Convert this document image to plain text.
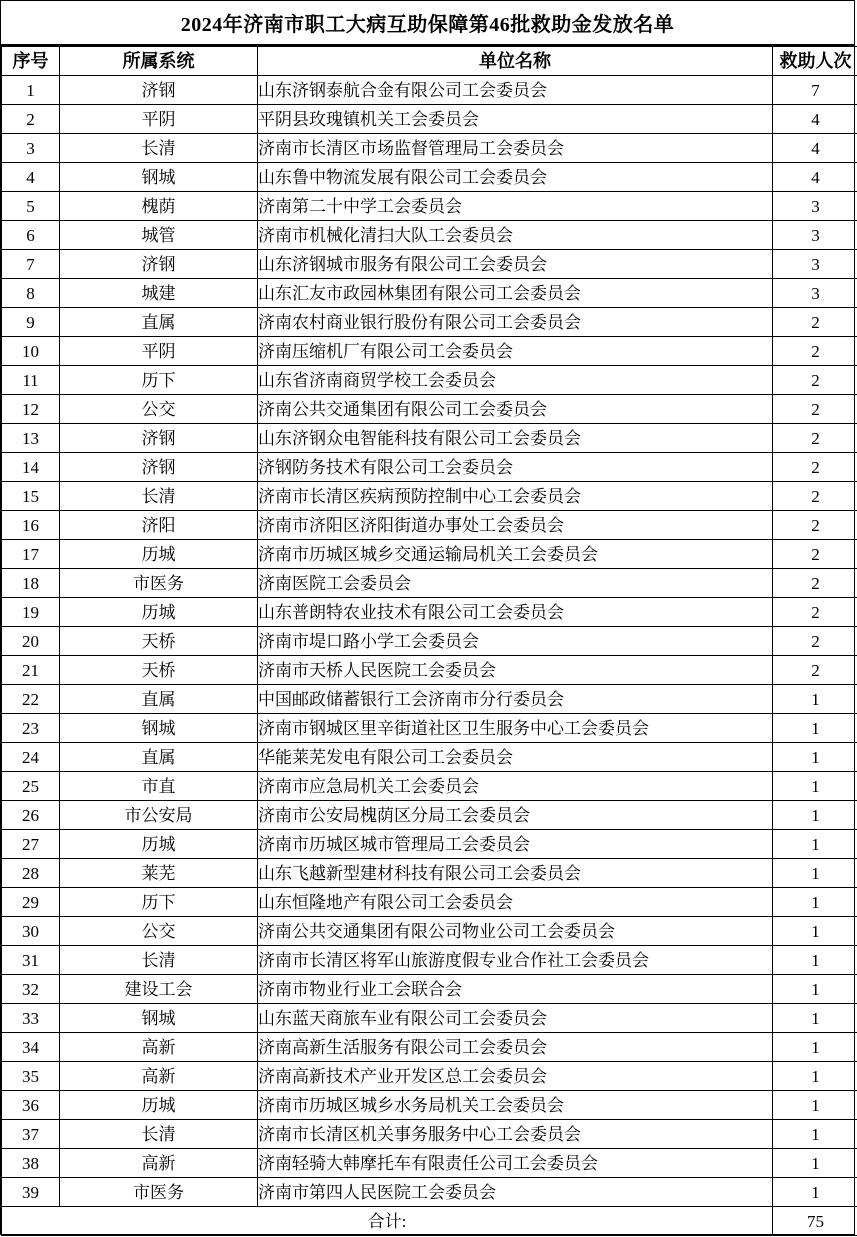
2024年济南市职工大病互助保障第46批救助金发放名单
序号	所属系统	单位名称	救助人次
1	济钢	山东济钢泰航合金有限公司工会委员会	7
2	平阴	平阴县玫瑰镇机关工会委员会	4
3	长清	济南市长清区市场监督管理局工会委员会	4
4	钢城	山东鲁中物流发展有限公司工会委员会	4
5	槐荫	济南第二十中学工会委员会	3
6	城管	济南市机械化清扫大队工会委员会	3
7	济钢	山东济钢城市服务有限公司工会委员会	3
8	城建	山东汇友市政园林集团有限公司工会委员会	3
9	直属	济南农村商业银行股份有限公司工会委员会	2
10	平阴	济南压缩机厂有限公司工会委员会	2
11	历下	山东省济南商贸学校工会委员会	2
12	公交	济南公共交通集团有限公司工会委员会	2
13	济钢	山东济钢众电智能科技有限公司工会委员会	2
14	济钢	济钢防务技术有限公司工会委员会	2
15	长清	济南市长清区疾病预防控制中心工会委员会	2
16	济阳	济南市济阳区济阳街道办事处工会委员会	2
17	历城	济南市历城区城乡交通运输局机关工会委员会	2
18	市医务	济南医院工会委员会	2
19	历城	山东普朗特农业技术有限公司工会委员会	2
20	天桥	济南市堤口路小学工会委员会	2
21	天桥	济南市天桥人民医院工会委员会	2
22	直属	中国邮政储蓄银行工会济南市分行委员会	1
23	钢城	济南市钢城区里辛街道社区卫生服务中心工会委员会	1
24	直属	华能莱芜发电有限公司工会委员会	1
25	市直	济南市应急局机关工会委员会	1
26	市公安局	济南市公安局槐荫区分局工会委员会	1
27	历城	济南市历城区城市管理局工会委员会	1
28	莱芜	山东飞越新型建材科技有限公司工会委员会	1
29	历下	山东恒隆地产有限公司工会委员会	1
30	公交	济南公共交通集团有限公司物业公司工会委员会	1
31	长清	济南市长清区将军山旅游度假专业合作社工会委员会	1
32	建设工会	济南市物业行业工会联合会	1
33	钢城	山东蓝天商旅车业有限公司工会委员会	1
34	高新	济南高新生活服务有限公司工会委员会	1
35	高新	济南高新技术产业开发区总工会委员会	1
36	历城	济南市历城区城乡水务局机关工会委员会	1
37	长清	济南市长清区机关事务服务中心工会委员会	1
38	高新	济南轻骑大韩摩托车有限责任公司工会委员会	1
39	市医务	济南市第四人民医院工会委员会	1
合计:			75
